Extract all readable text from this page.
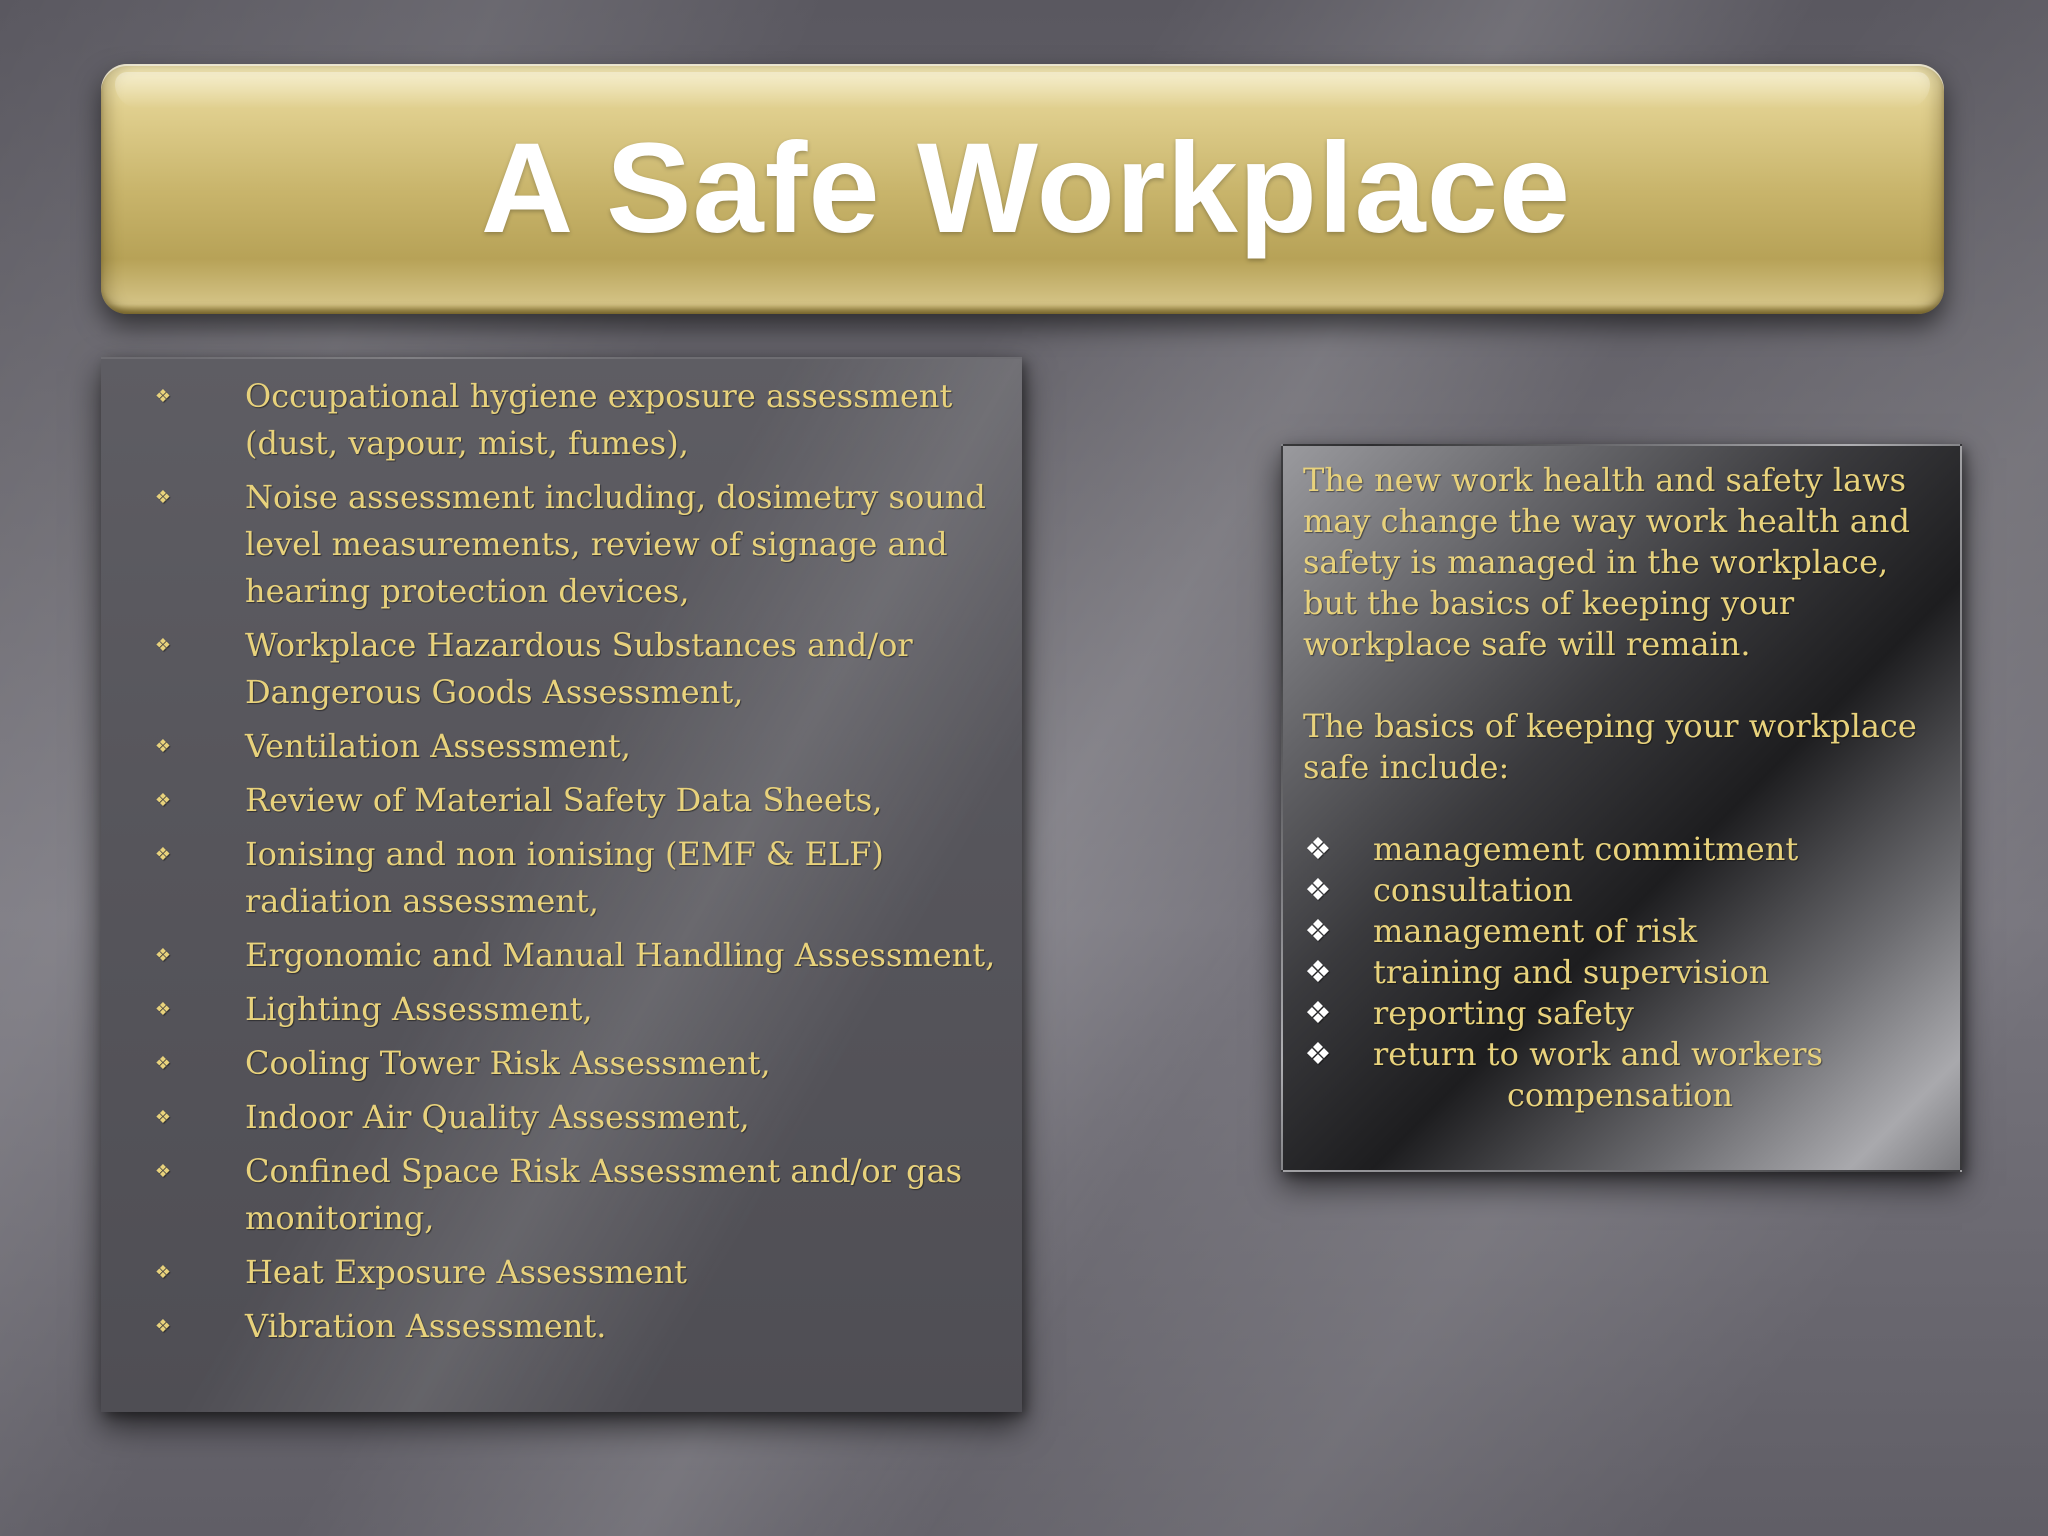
A Safe Workplace
❖ Occupational hygiene exposure assessment (dust, vapour, mist, fumes),
❖ Noise assessment including, dosimetry sound level measurements, review of signage and hearing protection devices,
❖ Workplace Hazardous Substances and/or Dangerous Goods Assessment,
❖ Ventilation Assessment,
❖ Review of Material Safety Data Sheets,
❖ Ionising and non ionising (EMF & ELF) radiation assessment,
❖ Ergonomic and Manual Handling Assessment,
❖ Lighting Assessment,
❖ Cooling Tower Risk Assessment,
❖ Indoor Air Quality Assessment,
❖ Confined Space Risk Assessment and/or gas monitoring,
❖ Heat Exposure Assessment
❖ Vibration Assessment.

The new work health and safety laws may change the way work health and safety is managed in the workplace, but the basics of keeping your workplace safe will remain.

The basics of keeping your workplace safe include:

❖ management commitment
❖ consultation
❖ management of risk
❖ training and supervision
❖ reporting safety
❖ return to work and workers
compensation
